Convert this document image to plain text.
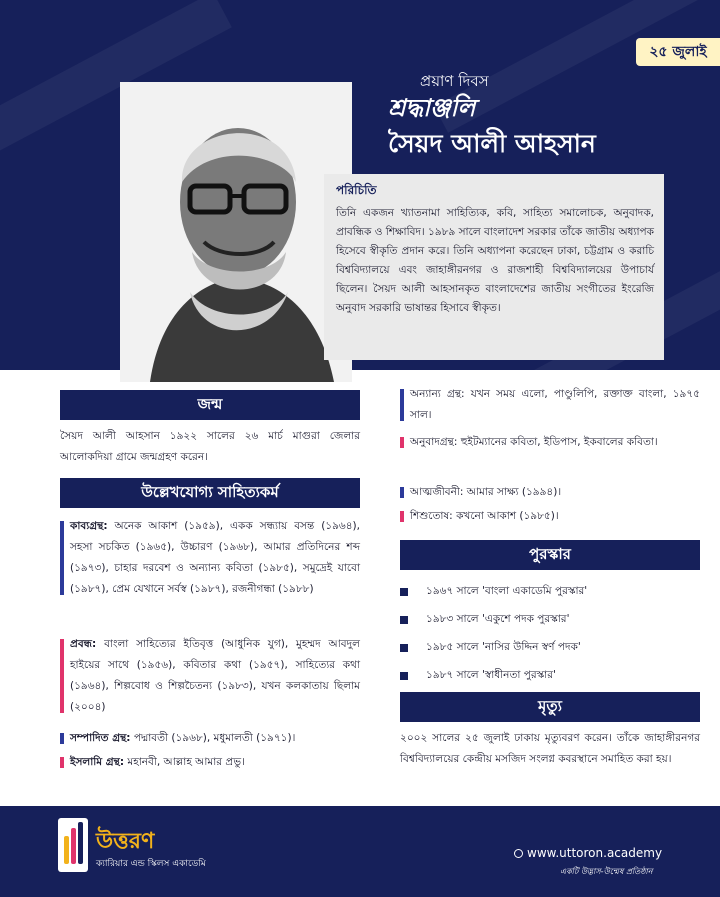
২৫ জুলাই
প্রয়াণ দিবস
শ্রদ্ধাঞ্জলি
সৈয়দ আলী আহসান
পরিচিতি
তিনি একজন খ্যাতনামা সাহিত্যিক, কবি, সাহিত্য সমালোচক, অনুবাদক, প্রাবন্ধিক ও শিক্ষাবিদ। ১৯৮৯ সালে বাংলাদেশ সরকার তাঁকে জাতীয় অধ্যাপক হিসেবে স্বীকৃতি প্রদান করে। তিনি অধ্যাপনা করেছেন ঢাকা, চট্টগ্রাম ও করাচি বিশ্ববিদ্যালয়ে এবং জাহাঙ্গীরনগর ও রাজশাহী বিশ্ববিদ্যালয়ের উপাচার্য ছিলেন। সৈয়দ আলী আহসানকৃত বাংলাদেশের জাতীয় সংগীতের ইংরেজি অনুবাদ সরকারি ভাষান্তর হিসাবে স্বীকৃত।
জন্ম
সৈয়দ আলী আহসান ১৯২২ সালের ২৬ মার্চ মাগুরা জেলার আলোকদিয়া গ্রামে জন্মগ্রহণ করেন।
উল্লেখযোগ্য সাহিত্যকর্ম
কাব্যগ্রন্থ: অনেক আকাশ (১৯৫৯), একক সন্ধ্যায় বসন্ত (১৯৬৪), সহসা সচকিত (১৯৬৫), উচ্চারণ (১৯৬৮), আমার প্রতিদিনের শব্দ (১৯৭৩), চাহার দরবেশ ও অন্যান্য কবিতা (১৯৮৫), সমুদ্রেই যাবো (১৯৮৭), প্রেম যেখানে সর্বস্ব (১৯৮৭), রজনীগন্ধা (১৯৮৮)
প্রবন্ধ: বাংলা সাহিত্যের ইতিবৃত্ত (আধুনিক যুগ), মুহম্মদ আবদুল হাইয়ের সাথে (১৯৫৬), কবিতার কথা (১৯৫৭), সাহিত্যের কথা (১৯৬৪), শিল্পবোধ ও শিল্পচৈতন্য (১৯৮৩), যখন কলকাতায় ছিলাম (২০০৪)
সম্পাদিত গ্রন্থ: পদ্মাবতী (১৯৬৮), মধুমালতী (১৯৭১)।
ইসলামি গ্রন্থ: মহানবী, আল্লাহ আমার প্রভু।
অন্যান্য গ্রন্থ: যখন সময় এলো, পাণ্ডুলিপি, রক্তাক্ত বাংলা, ১৯৭৫ সাল।
অনুবাদগ্রন্থ: হুইটম্যানের কবিতা, ইডিপাস, ইকবালের কবিতা।
আত্মজীবনী: আমার সাক্ষ্য (১৯৯৪)।
শিশুতোষ: কখনো আকাশ (১৯৮৫)।
পুরস্কার
১৯৬৭ সালে 'বাংলা একাডেমি পুরস্কার'
১৯৮৩ সালে 'একুশে পদক পুরস্কার'
১৯৮৫ সালে 'নাসির উদ্দিন স্বর্ণ পদক'
১৯৮৭ সালে 'স্বাধীনতা পুরস্কার'
মৃত্যু
২০০২ সালের ২৫ জুলাই ঢাকায় মৃত্যুবরণ করেন। তাঁকে জাহাঙ্গীরনগর বিশ্ববিদ্যালয়ের কেন্দ্রীয় মসজিদ সংলগ্ন কবরস্থানে সমাহিত করা হয়।
উত্তরণ
ক্যারিয়ার এন্ড স্কিলস একাডেমি
www.uttoron.academy
একটি উদ্ভাস-উন্মেষ প্রতিষ্ঠান
